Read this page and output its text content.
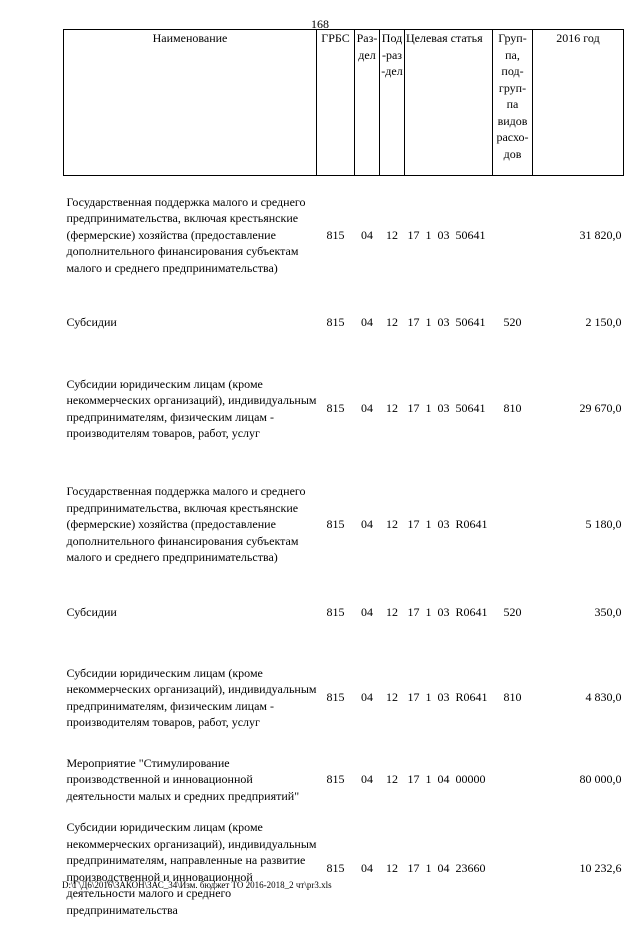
168
Наименование	ГРБС	Раз-дел	Под-раз-дел	Целевая статья	Груп-па, под-груп-па видов расхо-дов	2016 год
Государственная поддержка малого и среднего предпринимательства, включая крестьянские (фермерские) хозяйства (предоставление дополнительного финансирования субъектам малого и среднего предпринимательства)	815	04	12	17 1 03 50641		31 820,0
Субсидии	815	04	12	17 1 03 50641	520	2 150,0
Субсидии юридическим лицам (кроме некоммерческих организаций), индивидуальным предпринимателям, физическим лицам - производителям товаров, работ, услуг	815	04	12	17 1 03 50641	810	29 670,0
Государственная поддержка малого и среднего предпринимательства, включая крестьянские (фермерские) хозяйства (предоставление дополнительного финансирования субъектам малого и среднего предпринимательства)	815	04	12	17 1 03 R0641		5 180,0
Субсидии	815	04	12	17 1 03 R0641	520	350,0
Субсидии юридическим лицам (кроме некоммерческих организаций), индивидуальным предпринимателям, физическим лицам - производителям товаров, работ, услуг	815	04	12	17 1 03 R0641	810	4 830,0
Мероприятие "Стимулирование производственной и инновационной деятельности малых и средних предприятий"	815	04	12	17 1 04 00000		80 000,0
Субсидии юридическим лицам (кроме некоммерческих организаций), индивидуальным предпринимателям, направленные на развитие производственной и инновационной деятельности малого и среднего предпринимательства	815	04	12	17 1 04 23660		10 232,6
D:\Г\Д6\2016\ЗАКОН\ЗАС_34\Изм. бюджет ТО 2016-2018_2 чт\pr3.xls
